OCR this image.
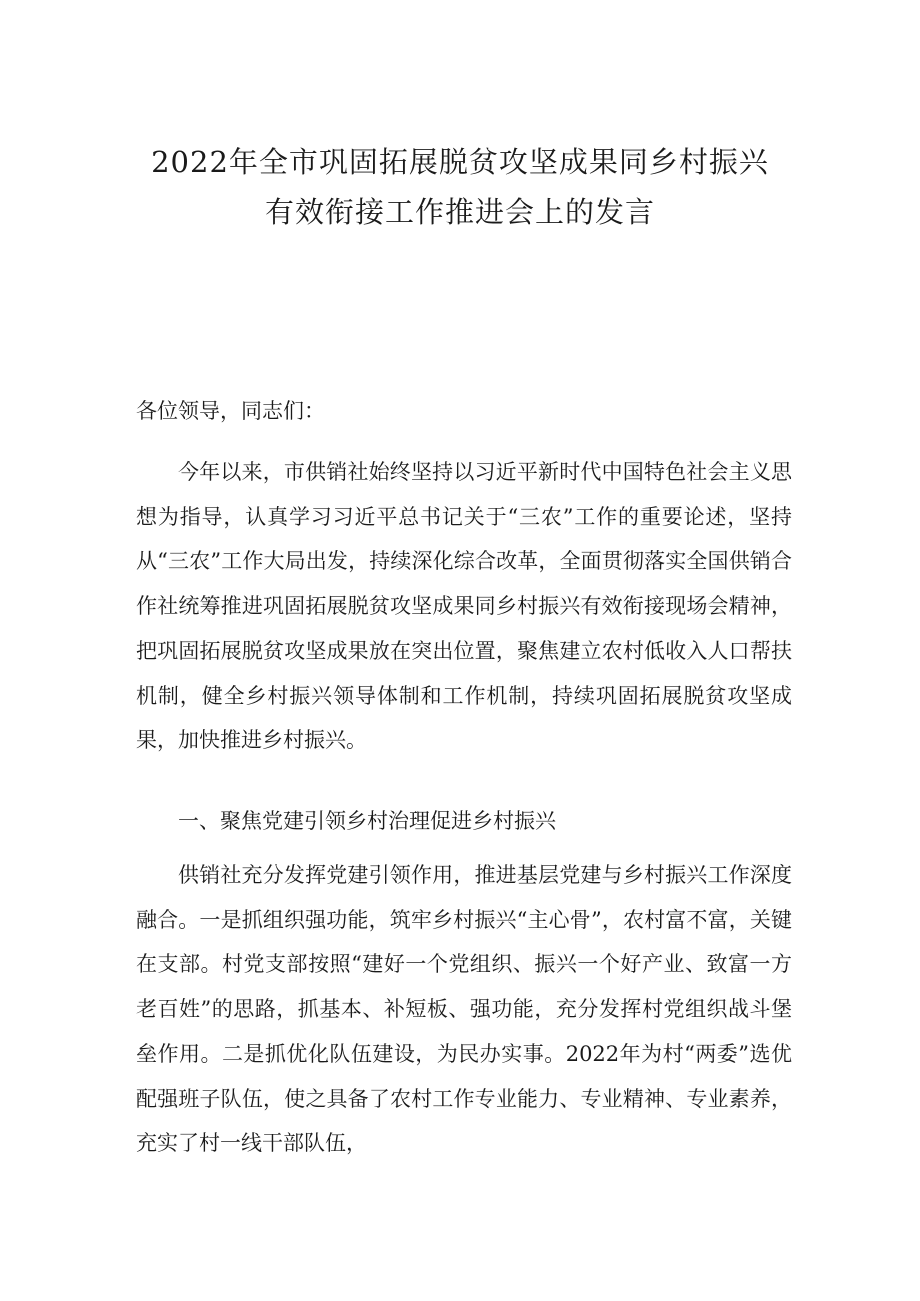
2022年全市巩固拓展脱贫攻坚成果同乡村振兴
有效衔接工作推进会上的发言

各位领导，同志们：

今年以来，市供销社始终坚持以习近平新时代中国特色社会主义思想为指导，认真学习习近平总书记关于“三农”工作的重要论述，坚持从“三农”工作大局出发，持续深化综合改革，全面贯彻落实全国供销合作社统筹推进巩固拓展脱贫攻坚成果同乡村振兴有效衔接现场会精神，把巩固拓展脱贫攻坚成果放在突出位置，聚焦建立农村低收入人口帮扶机制，健全乡村振兴领导体制和工作机制，持续巩固拓展脱贫攻坚成果，加快推进乡村振兴。

一、聚焦党建引领乡村治理促进乡村振兴

供销社充分发挥党建引领作用，推进基层党建与乡村振兴工作深度融合。一是抓组织强功能，筑牢乡村振兴“主心骨”，农村富不富，关键在支部。村党支部按照“建好一个党组织、振兴一个好产业、致富一方老百姓”的思路，抓基本、补短板、强功能，充分发挥村党组织战斗堡垒作用。二是抓优化队伍建设，为民办实事。2022年为村“两委”选优配强班子队伍，使之具备了农村工作专业能力、专业精神、专业素养，充实了村一线干部队伍，
